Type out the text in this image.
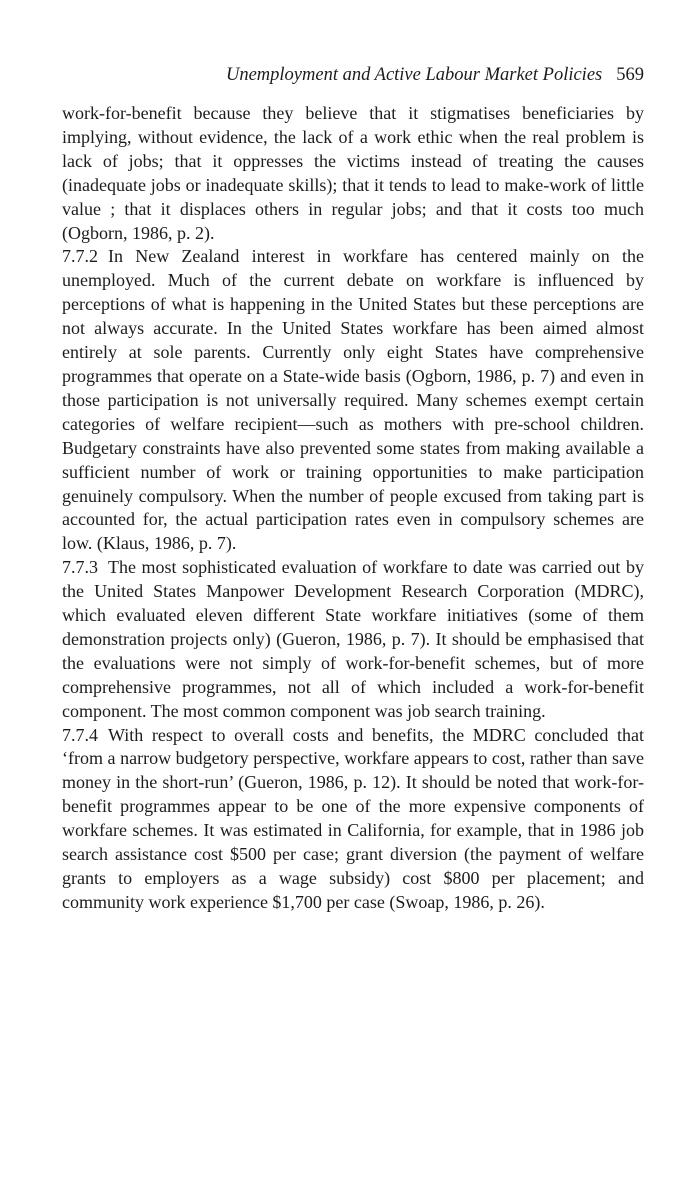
Unemployment and Active Labour Market Policies 569

work-for-benefit because they believe that it stigmatises beneficiaries by implying, without evidence, the lack of a work ethic when the real problem is lack of jobs; that it oppresses the victims instead of treating the causes (inadequate jobs or inadequate skills); that it tends to lead to make-work of little value ; that it displaces others in regular jobs; and that it costs too much (Ogborn, 1986, p. 2).

7.7.2 In New Zealand interest in workfare has centered mainly on the unemployed. Much of the current debate on workfare is influenced by perceptions of what is happening in the United States but these perceptions are not always accurate. In the United States workfare has been aimed almost entirely at sole parents. Currently only eight States have comprehensive programmes that operate on a State-wide basis (Ogborn, 1986, p. 7) and even in those participation is not universally required. Many schemes exempt certain categories of welfare recipient—such as mothers with pre-school children. Budgetary constraints have also prevented some states from making available a sufficient number of work or training opportunities to make participation genuinely compulsory. When the number of people excused from taking part is accounted for, the actual participation rates even in compulsory schemes are low. (Klaus, 1986, p. 7).

7.7.3 The most sophisticated evaluation of workfare to date was carried out by the United States Manpower Development Research Corporation (MDRC), which evaluated eleven different State workfare initiatives (some of them demonstration projects only) (Gueron, 1986, p. 7). It should be emphasised that the evaluations were not simply of work-for-benefit schemes, but of more comprehensive programmes, not all of which included a work-for-benefit component. The most common component was job search training.

7.7.4 With respect to overall costs and benefits, the MDRC concluded that ‘from a narrow budgetory perspective, workfare appears to cost, rather than save money in the short-run’ (Gueron, 1986, p. 12). It should be noted that work-for-benefit programmes appear to be one of the more expensive components of workfare schemes. It was estimated in California, for example, that in 1986 job search assistance cost $500 per case; grant diversion (the payment of welfare grants to employers as a wage subsidy) cost $800 per placement; and community work experience $1,700 per case (Swoap, 1986, p. 26).
